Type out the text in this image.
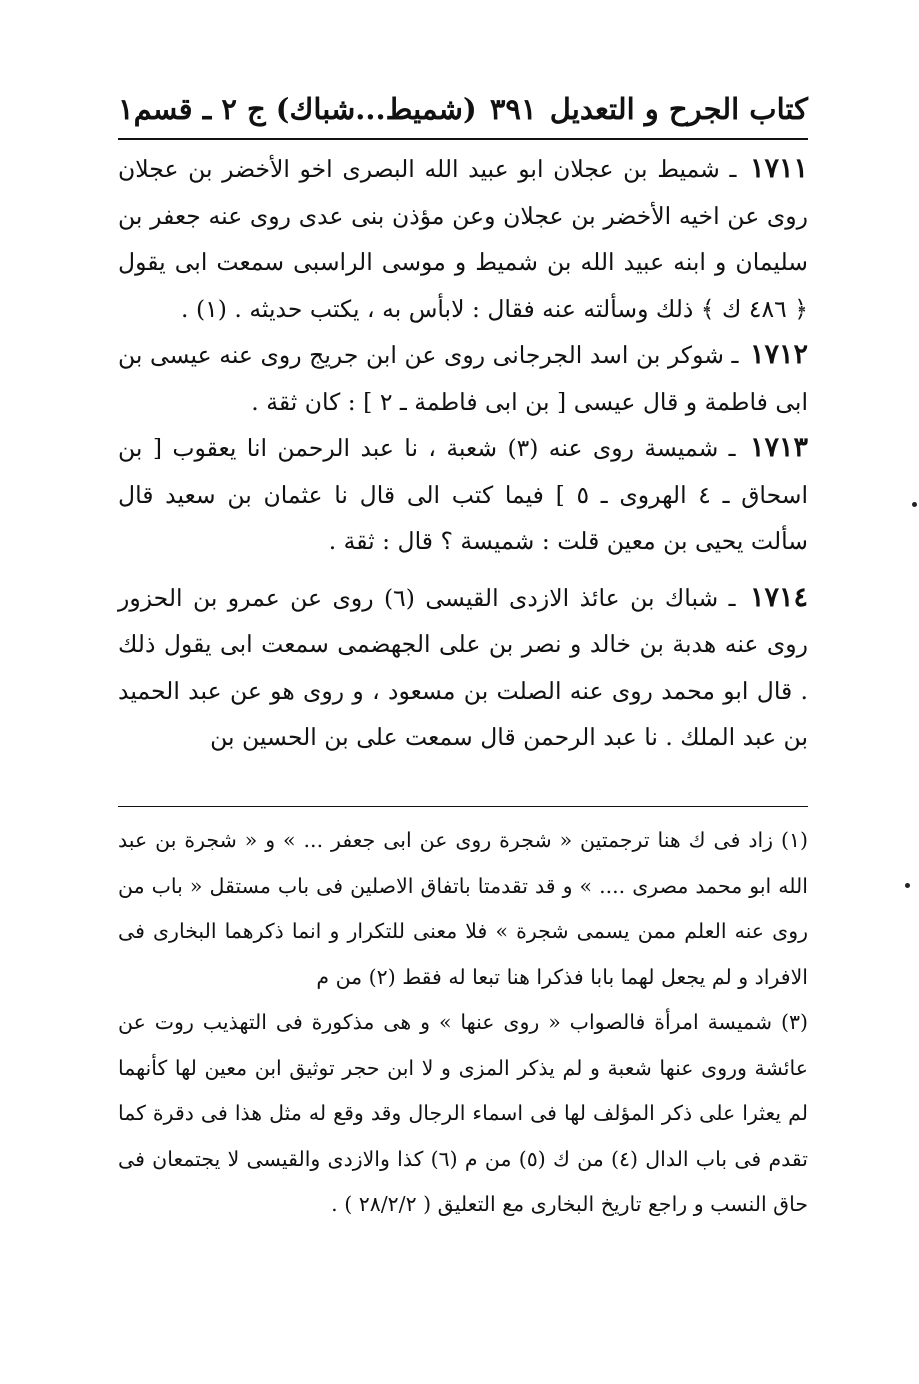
كتاب الجرح و التعديل
٣٩١
(شميط...شباك) ج ٢ ـ قسم١

١٧١١ ـ شميط بن عجلان ابو عبيد الله البصرى اخو الأخضر بن عجلان روى عن اخيه الأخضر بن عجلان وعن مؤذن بنى عدى روى عنه جعفر بن سليمان و ابنه عبيد الله بن شميط و موسى الراسبى سمعت ابى يقول ﴿ ٤٨٦ ك ﴾ ذلك وسألته عنه فقال : لابأس به ، يكتب حديثه . (١) .

١٧١٢ ـ شوكر بن اسد الجرجانى روى عن ابن جريج روى عنه عيسى بن ابى فاطمة و قال عيسى [ بن ابى فاطمة ـ ٢ ] : كان ثقة .

١٧١٣ ـ شميسة روى عنه (٣) شعبة ، نا عبد الرحمن انا يعقوب [ بن اسحاق ـ ٤ الهروى ـ ٥ ] فيما كتب الى قال نا عثمان بن سعيد قال سألت يحيى بن معين قلت : شميسة ؟ قال : ثقة .

١٧١٤ ـ شباك بن عائذ الازدى القيسى (٦) روى عن عمرو بن الحزور روى عنه هدبة بن خالد و نصر بن على الجهضمى سمعت ابى يقول ذلك . قال ابو محمد روى عنه الصلت بن مسعود ، و روى هو عن عبد الحميد بن عبد الملك . نا عبد الرحمن قال سمعت على بن الحسين بن

(١) زاد فى ك هنا ترجمتين « شجرة روى عن ابى جعفر ... » و « شجرة بن عبد الله ابو محمد مصرى .... » و قد تقدمتا باتفاق الاصلين فى باب مستقل « باب من روى عنه العلم ممن يسمى شجرة » فلا معنى للتكرار و انما ذكرهما البخارى فى الافراد و لم يجعل لهما بابا فذكرا هنا تبعا له فقط (٢) من م

(٣) شميسة امرأة فالصواب « روى عنها » و هى مذكورة فى التهذيب روت عن عائشة وروى عنها شعبة و لم يذكر المزى و لا ابن حجر توثيق ابن معين لها كأنهما لم يعثرا على ذكر المؤلف لها فى اسماء الرجال وقد وقع له مثل هذا فى دقرة كما تقدم فى باب الدال (٤) من ك (٥) من م (٦) كذا والازدى والقيسى لا يجتمعان فى حاق النسب و راجع تاريخ البخارى مع التعليق ( ٢٨/٢/٢ ) .
